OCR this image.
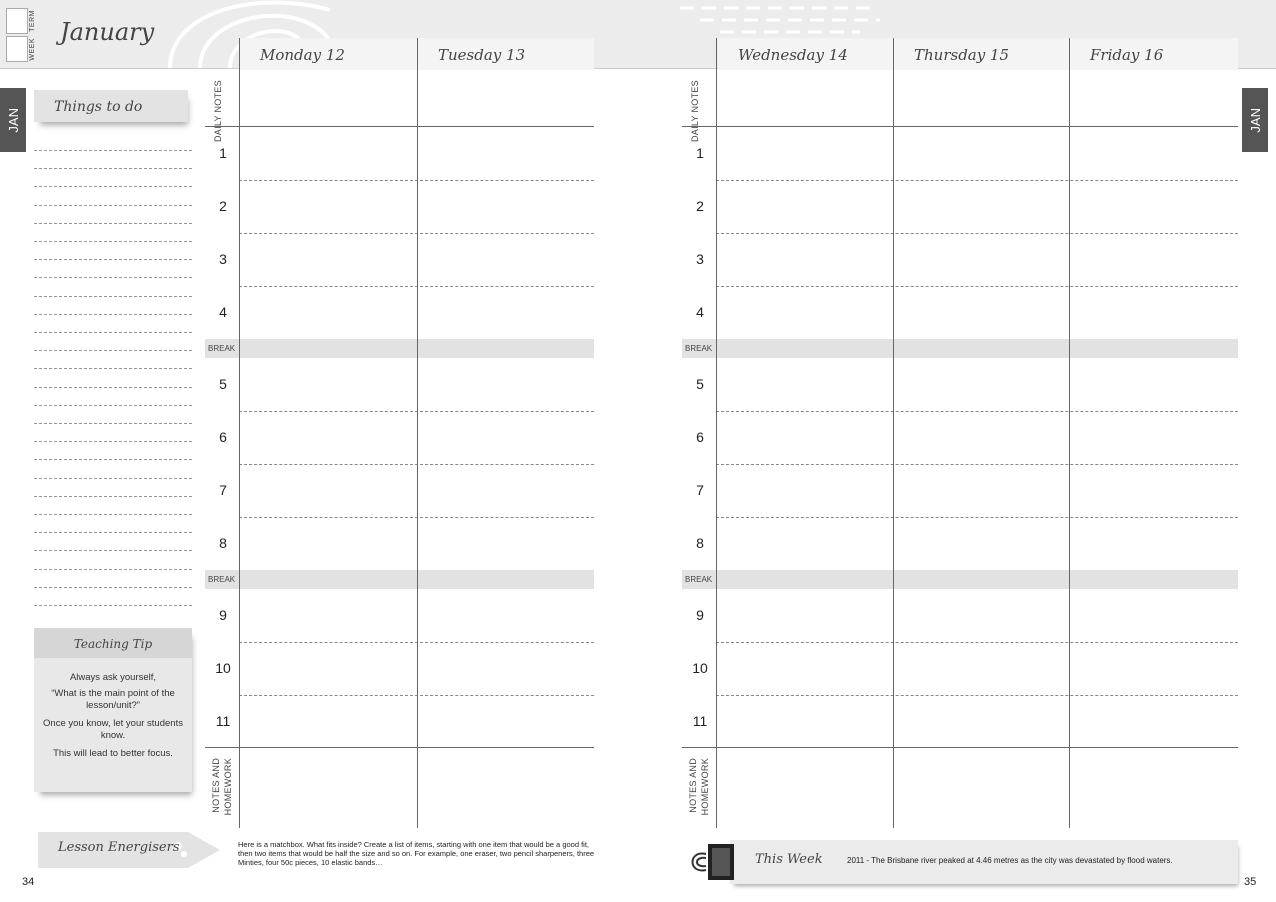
TERM
WEEK
January
Monday 12	Tuesday 13	Wednesday 14	Thursday 15	Friday 16
JAN	JAN
Things to do
Teaching Tip
Always ask yourself,
“What is the main point of the lesson/unit?”
Once you know, let your students know.
This will lead to better focus.
DAILY NOTES
1
2
3
4
BREAK
5
6
7
8
BREAK
9
10
11
NOTES AND HOMEWORK
DAILY NOTES
1
2
3
4
BREAK
5
6
7
8
BREAK
9
10
11
NOTES AND HOMEWORK
Lesson Energisers	Here is a matchbox. What fits inside? Create a list of items, starting with one item that would be a good fit, then two items that would be half the size and so on. For example, one eraser, two pencil sharpeners, three Minties, four 50c pieces, 10 elastic bands…	This Week	2011 - The Brisbane river peaked at 4.46 metres as the city was devastated by flood waters.
34	35
